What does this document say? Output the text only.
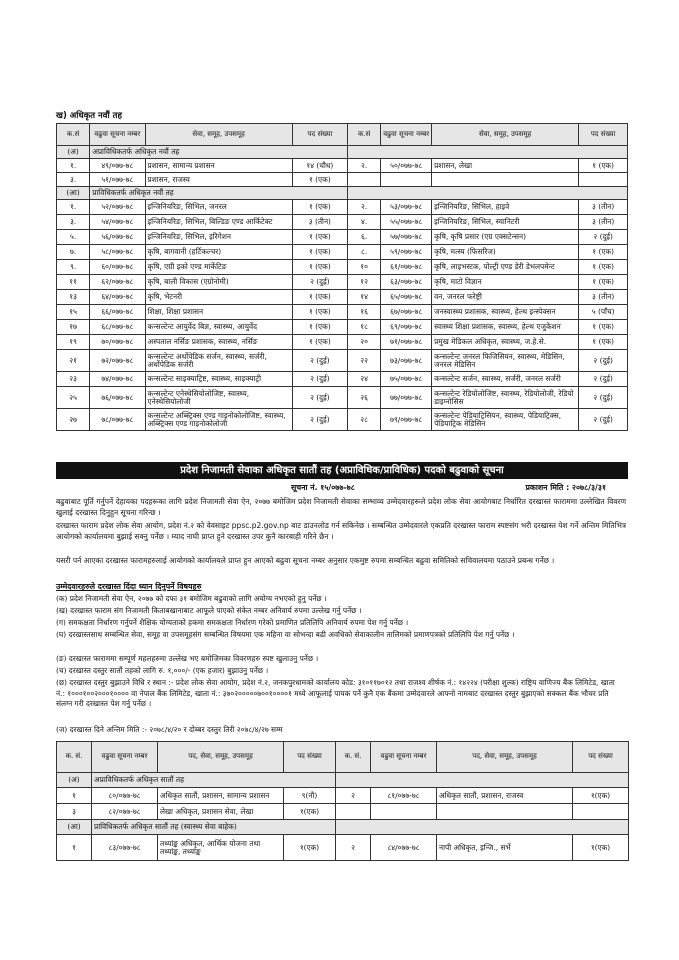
ख) अधिकृत नवौं तह
क.सं	वढुवा सूचना नम्बर	सेवा, समूह, उपसमूह	पद संख्या	क.सं	वढुवा सूचना नम्बर	सेवा, समूह, उपसमूह	पद संख्या
(अ)	अप्राविधिकतर्फ अधिकृत नवौं तह						
१.	४९/०७७-७८	प्रशासन, सामान्य प्रशासन	१४ (चौध)	२.	५०/०७७-७८	प्रशासन, लेखा	१ (एक)
३.	५१/०७७-७८	प्रशासन, राजस्व	१ (एक)				
(आ)	प्राविधिकतर्फ अधिकृत नवौं तह						
१.	५२/०७७-७८	इन्जिनियरिङ, सिभिल, जनरल	१ (एक)	२.	५३/०७७-७८	इन्जिनियरिङ, सिभिल, हाइवे	३ (तीन)
३.	५४/०७७-७८	इन्जिनियरिङ, सिभिल, बिल्डिङ एण्ड आर्किटेक्ट	३ (तीन)	४.	५५/०७७-७८	इन्जिनियरिङ, सिभिल, स्यानिटरी	३ (तीन)
५.	५६/०७७-७८	इन्जिनियरिङ, सिभिल, इरिगेशन	१ (एक)	६.	५७/०७७-७८	कृषि, कृषि प्रसार (एग्र एक्सटेन्सन)	२ (दुई)
७.	५८/०७७-७८	कृषि, बागवानी (हर्टिकल्चर)	१ (एक)	८.	५९/०७७-७८	कृषि, मत्स्य (फिसरिज)	१ (एक)
९.	६०/०७७-७८	कृषि, एग्री इको एण्ड मार्केटिङ	१ (एक)	१०	६१/०७७-७८	कृषि, लाइभस्टक, पोल्ट्री एण्ड डेरी डेभलपमेन्ट	१ (एक)
११	६२/०७७-७८	कृषि, बाली विकास (एग्रोनोमी)	२ (दुई)	१२	६३/०७७-७८	कृषि, माटो विज्ञान	१ (एक)
१३	६४/०७७-७८	कृषि, भेटनरी	१ (एक)	१४	६५/०७७-७८	वन, जनरल फरेष्ट्री	३ (तीन)
१५	६६/०७७-७८	शिक्षा, शिक्षा प्रशासन	१ (एक)	१६	६७/०७७-७८	जनस्वास्थ्य प्रशासक, स्वास्थ्य, हेल्थ इन्स्पेक्सन	५ (पाँच)
१७	६८/०७७-७८	कन्सल्टेन्ट आयुर्वेद बिज्ञ, स्वास्थ्य, आयुर्वेद	१ (एक)	१८	६९/०७७-७८	स्वास्थ्य शिक्षा प्रशासक, स्वास्थ्य, हेल्थ एजुकेशन	१ (एक)
१९	७०/०७७-७८	अस्पताल नर्सिङ प्रशासक, स्वास्थ्य, नर्सिङ	१ (एक)	२०	७१/०७७-७८	प्रमुख मेडिकल अधिकृत, स्वास्थ्य, ज.हे.से.	१ (एक)
२१	७२/०७७-७८	कन्सल्टेन्ट अर्थोपेडिक सर्जन, स्वास्थ्य, सर्जरी, अर्थोपेडिक सर्जरी	२ (दुई)	२२	७३/०७७-७८	कन्सल्टेन्ट जनरल फिजिसियन, स्वास्थ्य, मेडिसिन, जनरल मेडिसिन	२ (दुई)
२३	७४/०७७-७८	कन्सल्टेन्ट साइक्याट्रिष्ट, स्वास्थ्य, साइक्याट्री	२ (दुई)	२४	७५/०७७-७८	कन्सल्टेन्ट सर्जन, स्वास्थ्य, सर्जरी, जनरल सर्जरी	२ (दुई)
२५	७६/०७७-७८	कन्सल्टेन्ट एनेस्थेसियोलोजिष्ट, स्वास्थ्य, एनेस्थेसियोलोजी	२ (दुई)	२६	७७/०७७-७८	कन्सल्टेन्ट रेडियोलोजिष्ट, स्वास्थ्य, रेडियोलोजी, रेडियो डाइग्नोसिस	२ (दुई)
२७	७८/०७७-७८	कन्सल्टेन्ट अब्स्ट्रिक्स एण्ड गाइनोकोलोजिष्ट, स्वास्थ्य, अब्स्ट्रिक्स एण्ड गाइनोकोलोजी	२ (दुई)	२८	७९/०७७-७८	कन्सल्टेन्ट पेडियाट्रिसियन, स्वास्थ्य, पेडियाट्रिक्स, पेडियाट्रिक मेडिसिन	२ (दुई)
प्रदेश निजामती सेवाका अधिकृत सातौं तह (अप्राविधिक/प्राविधिक) पदको बढुवाको सूचना
सूचना नं. १५/०७७-७८	प्रकाशन मिति : २०७८/३/३१
बढुवाबाट पूर्ति गर्नुपर्ने देहायका पदहरूका लागि प्रदेश निजामती सेवा ऐन, २०७७ बमोजिम प्रदेश निजामती सेवाका सम्भाव्य उम्मेदवारहरूले प्रदेश लोक सेवा आयोगबाट निर्धारित दरखास्त फाराममा उल्लेखित विवरण खुलाई दरखास्त दिनुहुन सूचना गरिन्छ ।
दरखास्त फाराम प्रदेश लोक सेवा आयोग, प्रदेश नं.२ को वेवसाइट ppsc.p2.gov.np बाट डाउनलोड गर्न सकिनेछ । सम्बन्धित उम्मेदवारले एकप्रति दरखास्त फाराम स्पष्टसंग भरी दरखास्त पेश गर्ने अन्तिम मितिभित्र आयोगको कार्यालयमा बुझाई सक्नु पर्नेछ । म्याद नाघी प्राप्त हुने दरखास्त उपर कुनै कारबाही गरिने छैन ।
यसरी पर्न आएका दरखास्त फारामहरुलाई आयोगको कार्यालयले प्राप्त हुन आएको बढुवा सूचना नम्बर अनुसार एकमुष्ट रुपमा सम्बन्धित बढुवा समितिको सचिवालयमा पठाउने प्रबन्ध गर्नेछ ।
उम्मेदवारहरुले दरखास्त दिंदा ध्यान दिनुपर्ने विषयहरु
(क) प्रदेश निजामती सेवा ऐन, २०७७ को दफा ३१ बमोजिम बढुवाको लागि अयोग्य नभएको हुनु पर्नेछ ।
(ख) दरखास्त फाराम संग निजामती किताबखानाबाट आफूले पाएको संकेत नम्बर अनिवार्य रुपमा उल्लेख गर्नु पर्नेछ ।
(ग) समकक्षता निर्धारण गर्नुपर्ने शैक्षिक योग्यताको हकमा समकक्षता निर्धारण गरेको प्रमाणित प्रतिलिपि अनिवार्य रुपमा पेश गर्नु पर्नेछ ।
(घ) दरखास्तसाथ सम्बन्धित सेवा, समूह वा उपसमूहसंग सम्बन्धित विषयमा एक महिना वा सोभन्दा बढी अवधिको सेवाकालीन तालिमको प्रमाणपत्रको प्रतिलिपि पेश गर्नु पर्नेछ ।
(ङ) दरखास्त फाराममा सम्पूर्ण महलहरुमा उल्लेख भए बमोजिमका विवरणहरु स्पष्ट खुलाउनु पर्नेछ ।
(च) दरखास्त दस्तुर सातौं तहको लागि रु. १,०००/- (एक हजार) बुझाउनु पर्नेछ ।
(छ) दरखास्त दस्तुर बुझाउने विधि र स्थान :- प्रदेश लोक सेवा आयोग, प्रदेश नं.२, जनकपुरधामको कार्यालय कोड: ३१०११७०१२ तथा राजश्व शीर्षक नं.: १४२२४ (परीक्षा शुल्क) राष्ट्रिय वाणिज्य बैंक लिमिटेड, खाता नं.: १०००१००२०००१०००० वा नेपाल बैंक लिमिटेड, खाता नं.: ३७०२०००००७००१००००१ मध्ये आफूलाई पायक पर्ने कुनै एक बैंकमा उम्मेदवारले आफ्नो नामबाट दरखास्त दस्तुर बुझाएको सक्कल बैंक भौचर प्रति संलग्न गरी दरखास्त पेश गर्नु पर्नेछ ।
(ज) दरखास्त दिने अन्तिम मिति :- २०७८/४/२० र दोब्बर दस्तुर तिरी २०७८/४/२७ सम्म
क. सं.	वढुवा सूचना नम्बर	पद, सेवा, समूह, उपसमूह	पद संख्या	क. सं.	वढुवा सूचना नम्बर	पद, सेवा, समूह, उपसमूह	पद संख्या
(अ)	अप्राविधिकतर्फ अधिकृत सातौं तह						
१	८०/०७७-७८	अधिकृत सातौं, प्रशासन, सामान्य प्रशासन	९(नौ)	२	८१/०७७-७८	अधिकृत सातौं, प्रशासन, राजस्व	१(एक)
३	८२/०७७-७८	लेखा अधिकृत, प्रशासन सेवा, लेखा	१(एक)				
(आ)	प्राविधिकतर्फ अधिकृत सातौं तह (स्वास्थ्य सेवा बाहेक)						
१	८३/०७७-७८	तथ्यांङ्क अधिकृत, आर्थिक योजना तथा तथ्यांङ्क, तथ्यांङ्क	१(एक)	२	८४/०७७-७८	नापी अधिकृत, इन्जि., सर्भे	१(एक)
